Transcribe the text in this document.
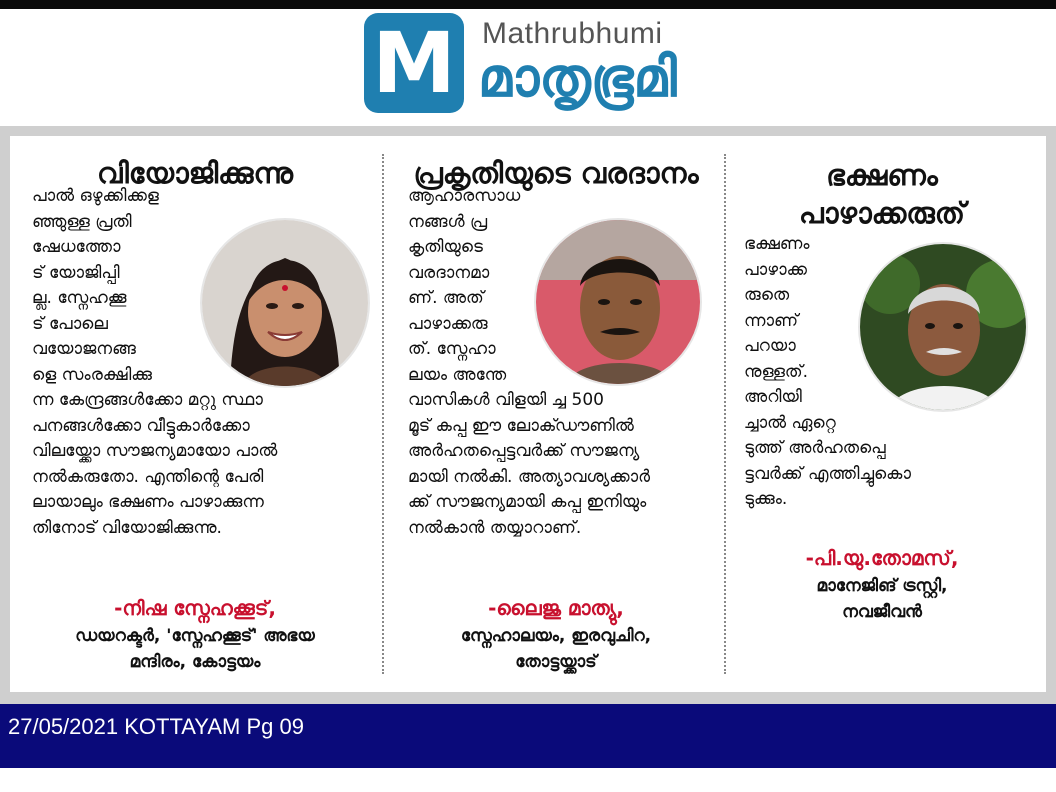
M Mathrubhumi
മാതൃഭൂമി
വിയോജിക്കുന്നു

പാൽ ഒഴുക്കിക്കള
ഞ്ഞുള്ള പ്രതി
ഷേധത്തോ
ട് യോജിപ്പി
ല്ല. സ്നേഹക്കൂ
ട് പോലെ
വയോജനങ്ങ
ളെ സംരക്ഷിക്കു
ന്ന കേന്ദ്രങ്ങൾക്കോ മറ്റു സ്ഥാ
പനങ്ങൾക്കോ വീട്ടുകാർക്കോ
വിലയ്ക്കോ സൗജന്യമായോ പാൽ
നൽകരുതോ. എന്തിന്റെ പേരി
ലായാലും ഭക്ഷണം പാഴാക്കുന്ന
തിനോട് വിയോജിക്കുന്നു.

-നിഷ സ്നേഹക്കൂട്,
ഡയറക്ടർ, 'സ്നേഹക്കൂട്' അഭയ
മന്ദിരം, കോട്ടയം
പ്രകൃതിയുടെ വരദാനം

ആഹാരസാധ
നങ്ങൾ പ്ര
കൃതിയുടെ
വരദാനമാ
ണ്. അത്
പാഴാക്കരു
ത്. സ്നേഹാ
ലയം അന്തേ
വാസികൾ വിളയി ച്ച 500
മൂട് കപ്പ ഈ ലോക്ഡൗണിൽ
അർഹതപ്പെട്ടവർക്ക് സൗജന്യ
മായി നൽകി. അത്യാവശ്യക്കാർ
ക്ക് സൗജന്യമായി കപ്പ ഇനിയും
നൽകാൻ തയ്യാറാണ്.

-ലൈജു മാത്യു,
സ്നേഹാലയം, ഇരവുചിറ,
തോട്ടയ്ക്കാട്
ഭക്ഷണം
പാഴാക്കരുത്

ഭക്ഷണം
പാഴാക്ക
രുതെ
ന്നാണ്
പറയാ
നുള്ളത്.
അറിയി
ച്ചാൽ ഏറ്റെ
ടുത്ത് അർഹതപ്പെ
ട്ടവർക്ക് എത്തിച്ചുകൊ
ടുക്കും.

-പി.യു.തോമസ്,
മാനേജിങ് ട്രസ്റ്റി,
നവജീവൻ
27/05/2021 KOTTAYAM Pg 09
